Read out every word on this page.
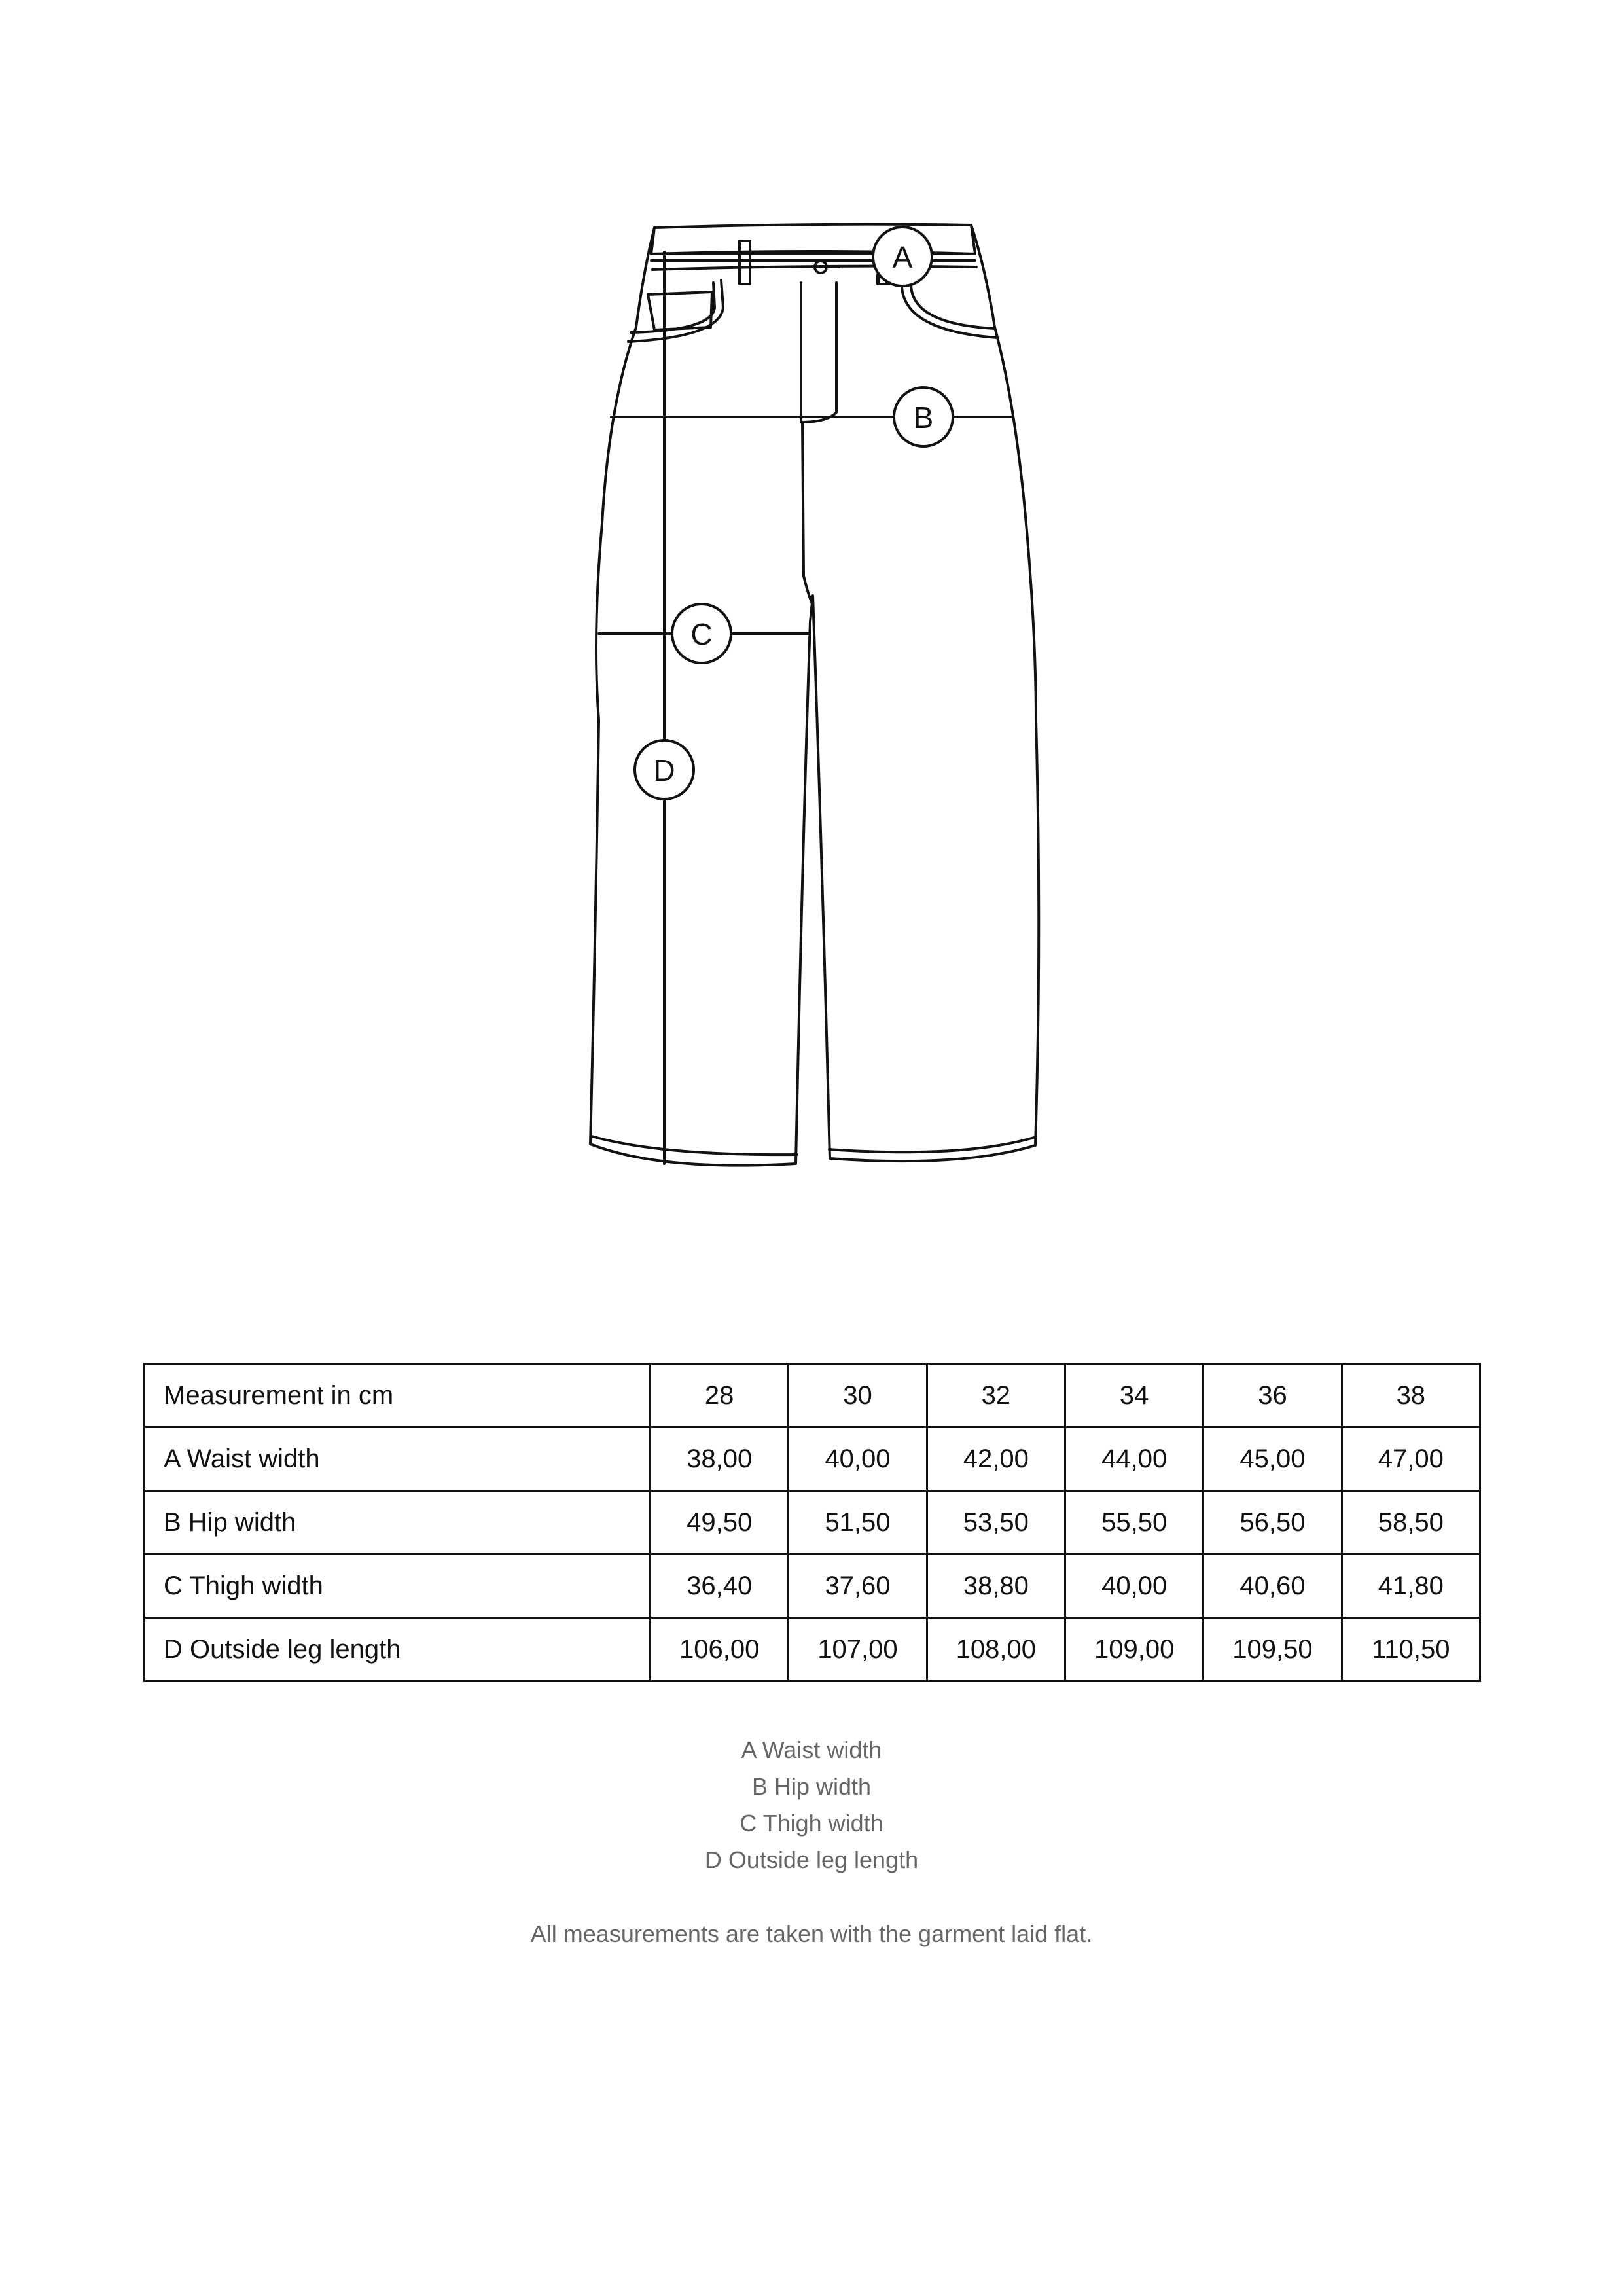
A
B
C
D
Measurement in cm	28	30	32	34	36	38
A Waist width	38,00	40,00	42,00	44,00	45,00	47,00
B Hip width	49,50	51,50	53,50	55,50	56,50	58,50
C Thigh width	36,40	37,60	38,80	40,00	40,60	41,80
D Outside leg length	106,00	107,00	108,00	109,00	109,50	110,50
A Waist width
B Hip width
C Thigh width
D Outside leg length
All measurements are taken with the garment laid flat.
